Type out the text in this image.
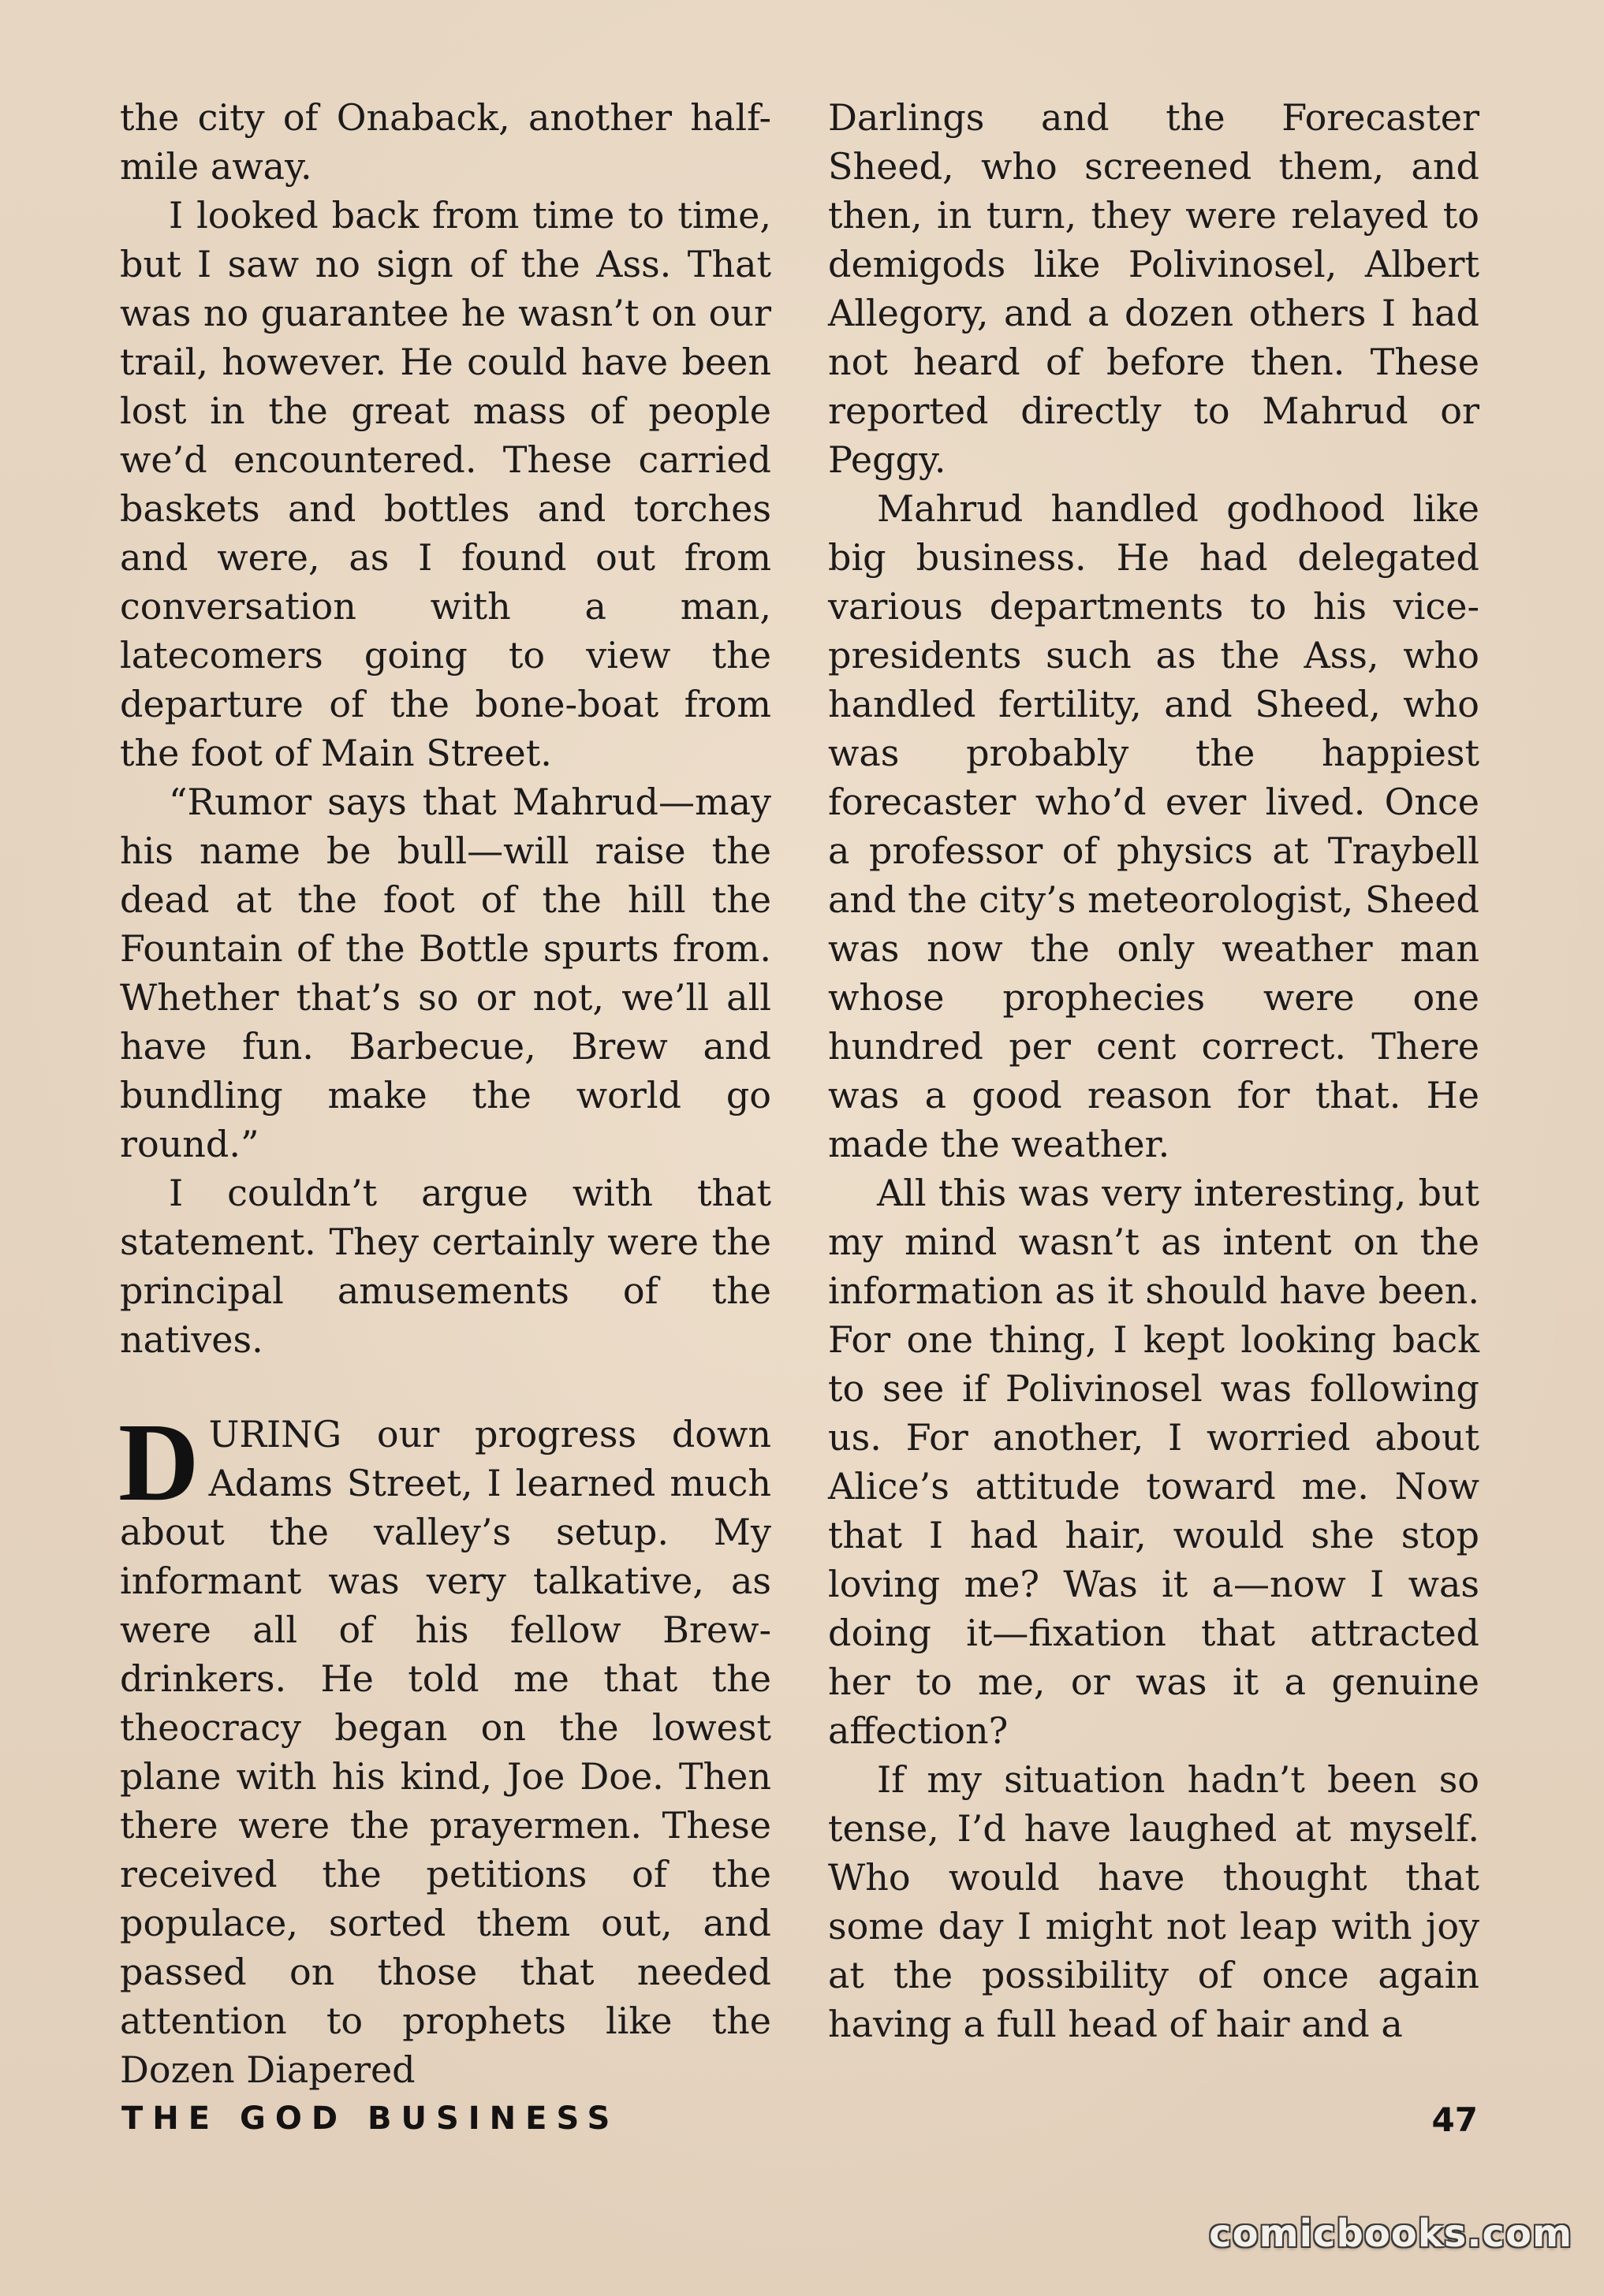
the city of Onaback, another half-mile away.

I looked back from time to time, but I saw no sign of the Ass. That was no guarantee he wasn’t on our trail, however. He could have been lost in the great mass of people we’d encountered. These carried baskets and bottles and torches and were, as I found out from conversation with a man, latecomers going to view the departure of the bone-boat from the foot of Main Street.

“Rumor says that Mahrud—may his name be bull—will raise the dead at the foot of the hill the Fountain of the Bottle spurts from. Whether that’s so or not, we’ll all have fun. Barbecue, Brew and bundling make the world go round.”

I couldn’t argue with that statement. They certainly were the principal amusements of the natives.

DURING our progress down Adams Street, I learned much about the valley’s setup. My informant was very talkative, as were all of his fellow Brew-drinkers. He told me that the theocracy began on the lowest plane with his kind, Joe Doe. Then there were the prayermen. These received the petitions of the populace, sorted them out, and passed on those that needed attention to prophets like the Dozen Diapered

Darlings and the Forecaster Sheed, who screened them, and then, in turn, they were relayed to demigods like Polivinosel, Albert Allegory, and a dozen others I had not heard of before then. These reported directly to Mahrud or Peggy.

Mahrud handled godhood like big business. He had delegated various departments to his vice-presidents such as the Ass, who handled fertility, and Sheed, who was probably the happiest forecaster who’d ever lived. Once a professor of physics at Traybell and the city’s meteorologist, Sheed was now the only weather man whose prophecies were one hundred per cent correct. There was a good reason for that. He made the weather.

All this was very interesting, but my mind wasn’t as intent on the information as it should have been. For one thing, I kept looking back to see if Polivinosel was following us. For another, I worried about Alice’s attitude toward me. Now that I had hair, would she stop loving me? Was it a—now I was doing it—fixation that attracted her to me, or was it a genuine affection?

If my situation hadn’t been so tense, I’d have laughed at myself. Who would have thought that some day I might not leap with joy at the possibility of once again having a full head of hair and a

THE GOD BUSINESS	47
comicbooks.com
